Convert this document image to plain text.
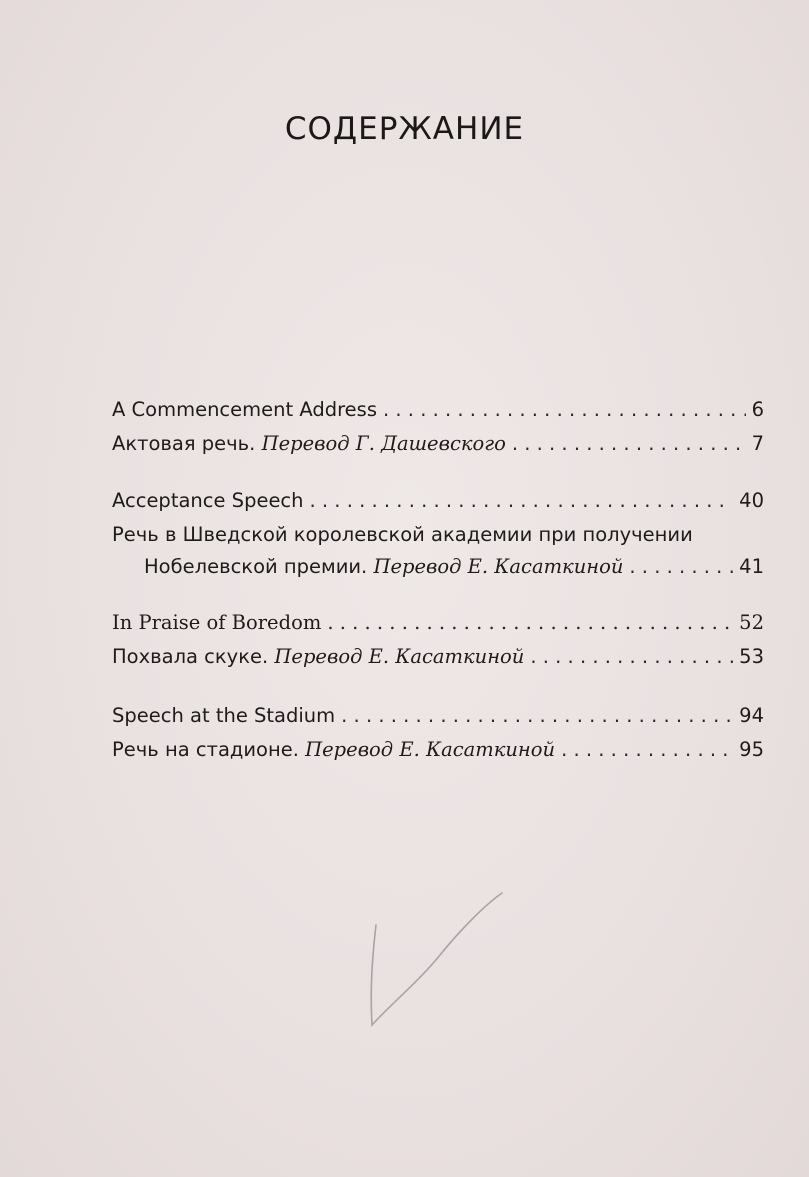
СОДЕРЖАНИЕ
A Commencement Address . . .	6
Актовая речь. Перевод Г. Дашевского . . .	7
Acceptance Speech . . .	40
Речь в Шведской королевской академии при получении
Нобелевской премии. Перевод Е. Касаткиной . . .	41
In Praise of Boredom . . .	52
Похвала скуке. Перевод Е. Касаткиной . . .	53
Speech at the Stadium . . .	94
Речь на стадионе. Перевод Е. Касаткиной . . .	95
